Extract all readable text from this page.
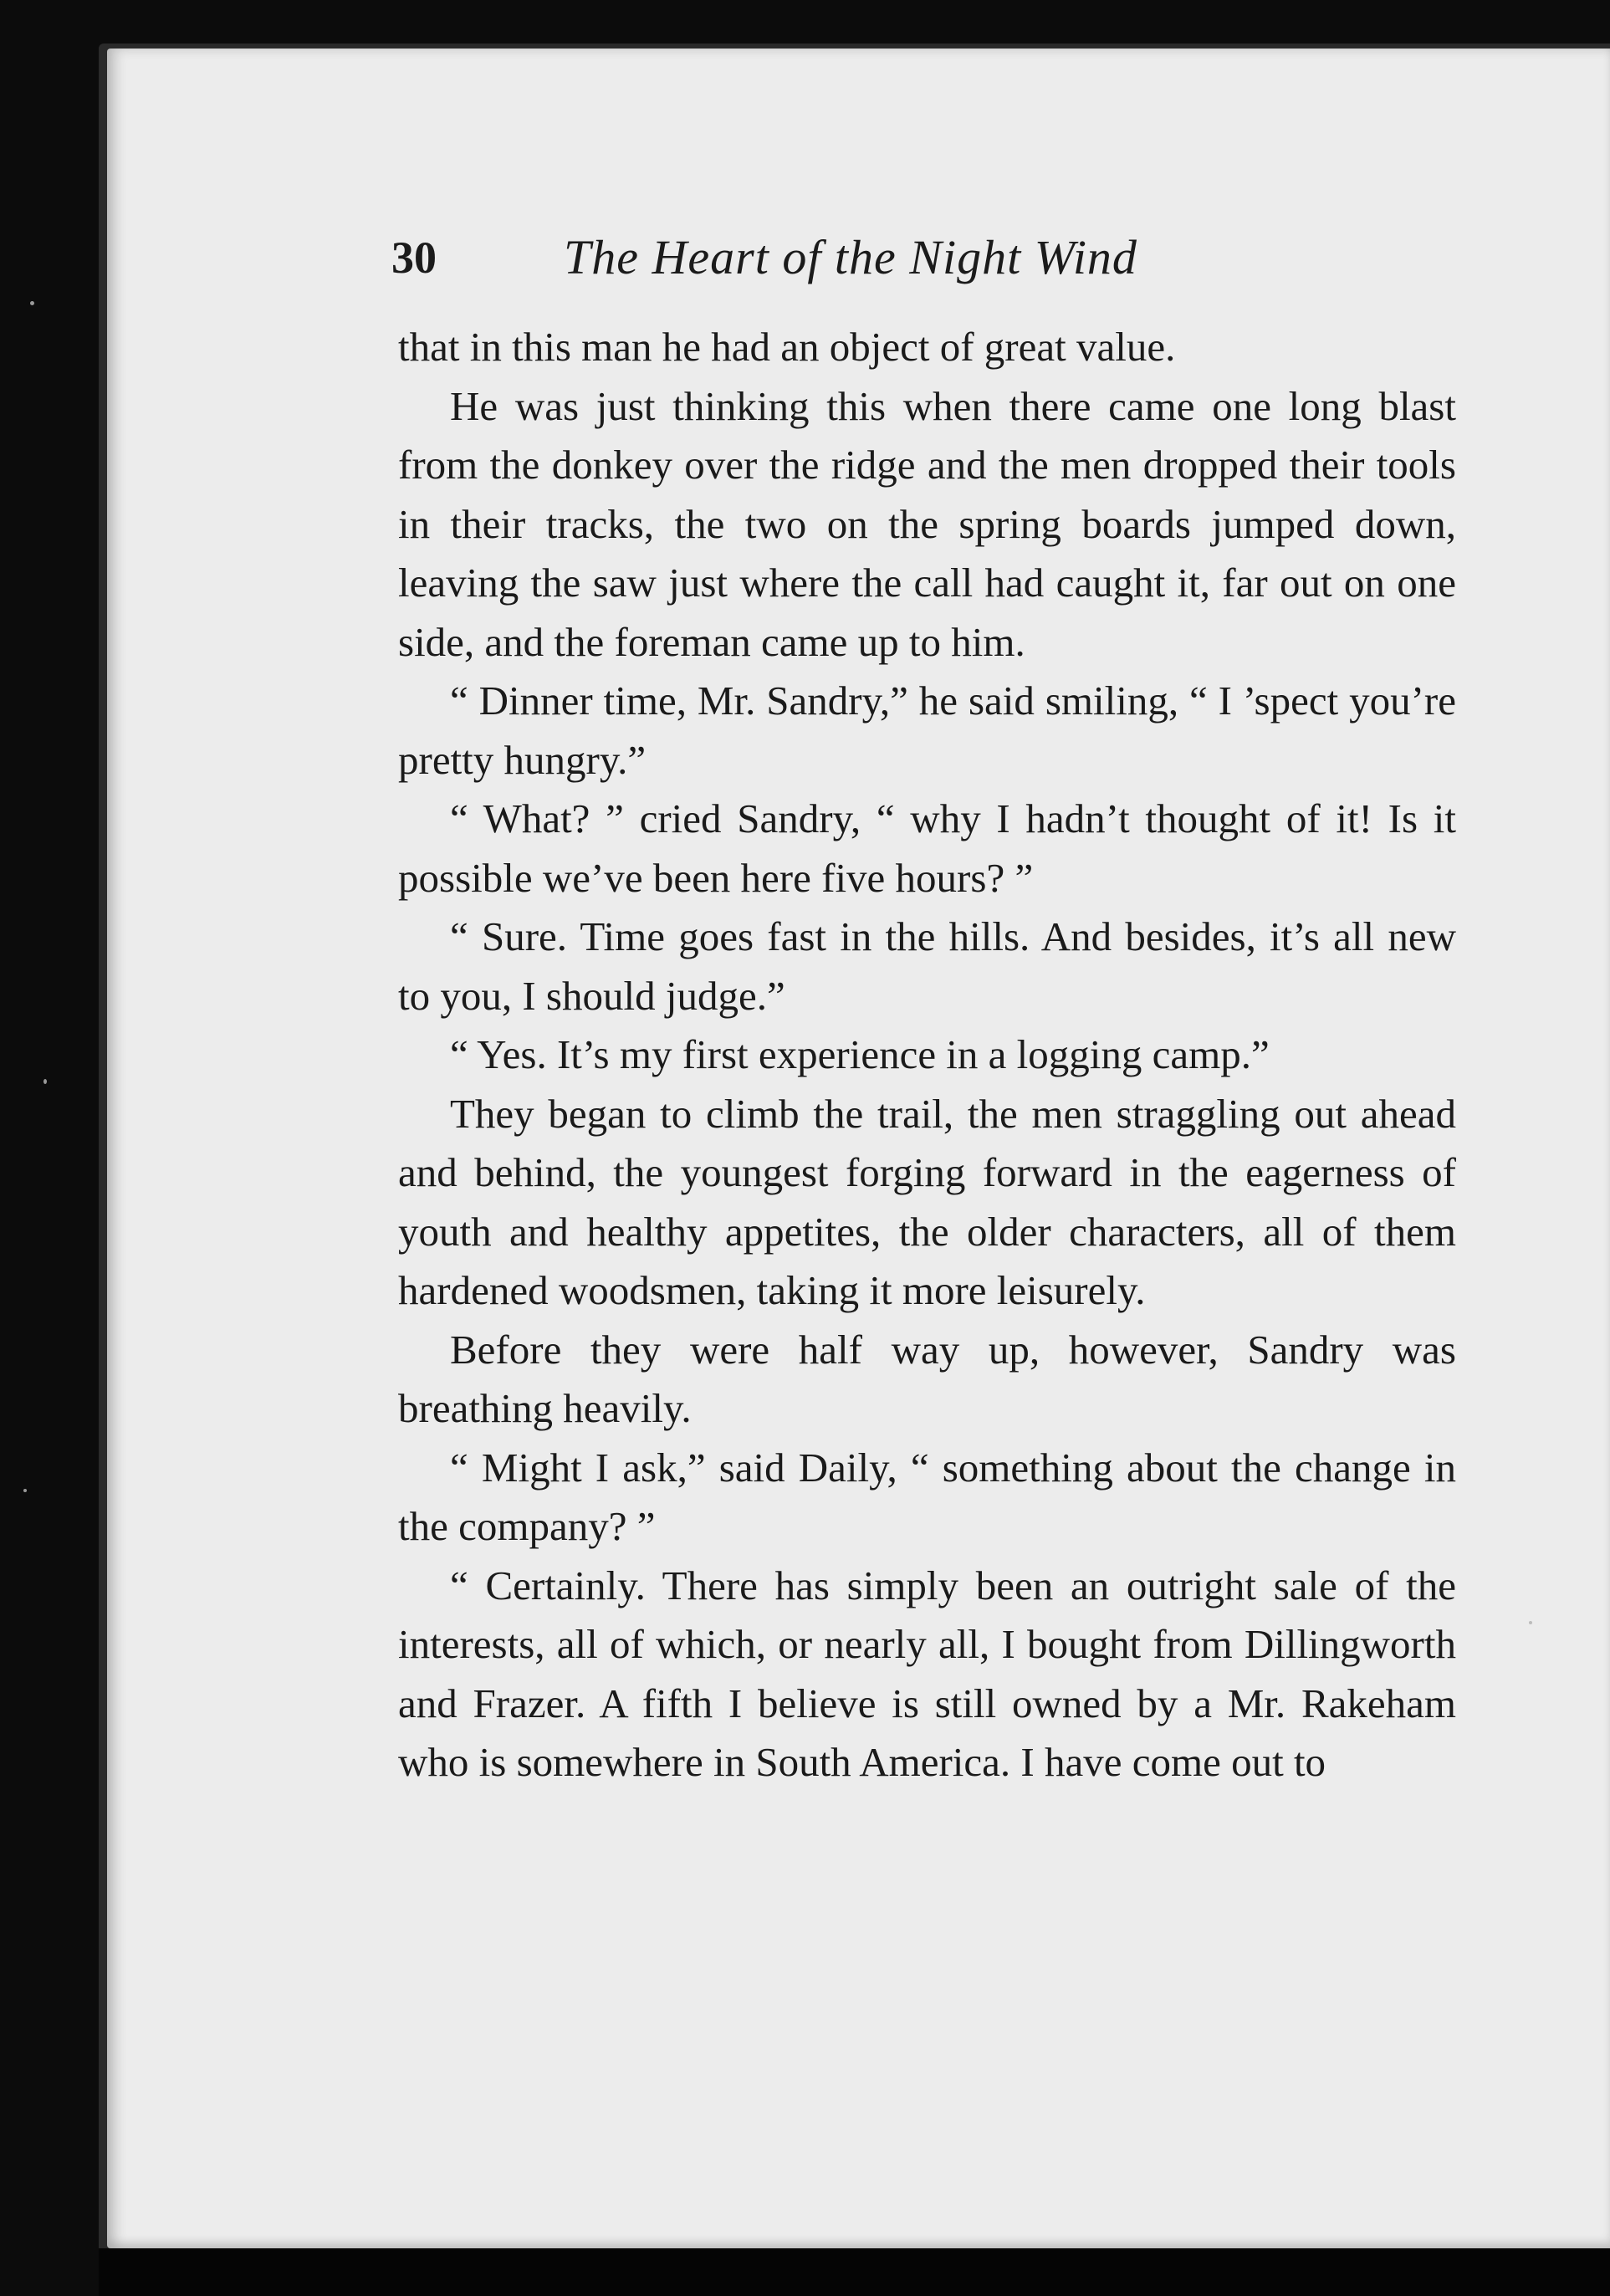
30	The Heart of the Night Wind

that in this man he had an object of great value.

He was just thinking this when there came one long blast from the donkey over the ridge and the men dropped their tools in their tracks, the two on the spring boards jumped down, leaving the saw just where the call had caught it, far out on one side, and the foreman came up to him.

“ Dinner time, Mr. Sandry,” he said smiling, “ I ’spect you’re pretty hungry.”

“ What? ” cried Sandry, “ why I hadn’t thought of it! Is it possible we’ve been here five hours? ”

“ Sure. Time goes fast in the hills. And besides, it’s all new to you, I should judge.”

“ Yes. It’s my first experience in a logging camp.”

They began to climb the trail, the men straggling out ahead and behind, the youngest forging forward in the eagerness of youth and healthy appetites, the older characters, all of them hardened woodsmen, taking it more leisurely.

Before they were half way up, however, Sandry was breathing heavily.

“ Might I ask,” said Daily, “ something about the change in the company? ”

“ Certainly. There has simply been an outright sale of the interests, all of which, or nearly all, I bought from Dillingworth and Frazer. A fifth I believe is still owned by a Mr. Rakeham who is somewhere in South America. I have come out to
